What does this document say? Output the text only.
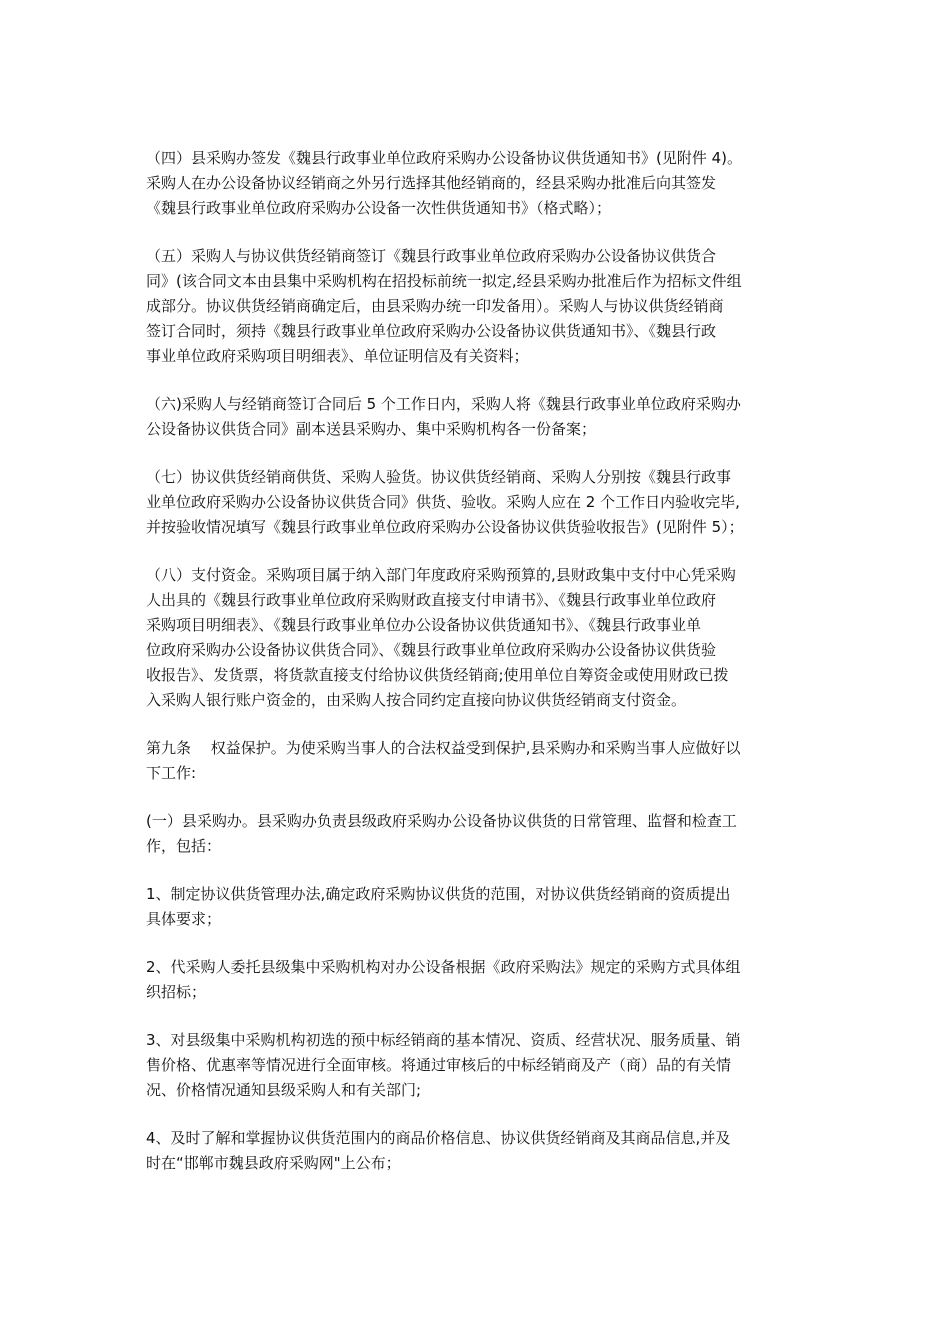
（四）县采购办签发《魏县行政事业单位政府采购办公设备协议供货通知书》(见附件 4)。
采购人在办公设备协议经销商之外另行选择其他经销商的，经县采购办批准后向其签发
《魏县行政事业单位政府采购办公设备一次性供货通知书》（格式略）；

（五）采购人与协议供货经销商签订《魏县行政事业单位政府采购办公设备协议供货合
同》(该合同文本由县集中采购机构在招投标前统一拟定,经县采购办批准后作为招标文件组
成部分。协议供货经销商确定后，由县采购办统一印发备用）。采购人与协议供货经销商
签订合同时，须持《魏县行政事业单位政府采购办公设备协议供货通知书》、《魏县行政
事业单位政府采购项目明细表》、单位证明信及有关资料；

（六)采购人与经销商签订合同后 5 个工作日内，采购人将《魏县行政事业单位政府采购办
公设备协议供货合同》副本送县采购办、集中采购机构各一份备案；

（七）协议供货经销商供货、采购人验货。协议供货经销商、采购人分别按《魏县行政事
业单位政府采购办公设备协议供货合同》供货、验收。采购人应在 2 个工作日内验收完毕,
并按验收情况填写《魏县行政事业单位政府采购办公设备协议供货验收报告》(见附件 5）；

（八）支付资金。采购项目属于纳入部门年度政府采购预算的,县财政集中支付中心凭采购
人出具的《魏县行政事业单位政府采购财政直接支付申请书》、《魏县行政事业单位政府
采购项目明细表》、《魏县行政事业单位办公设备协议供货通知书》、《魏县行政事业单
位政府采购办公设备协议供货合同》、《魏县行政事业单位政府采购办公设备协议供货验
收报告》、发货票，将货款直接支付给协议供货经销商;使用单位自筹资金或使用财政已拨
入采购人银行账户资金的，由采购人按合同约定直接向协议供货经销商支付资金。

第九条　 权益保护。为使采购当事人的合法权益受到保护,县采购办和采购当事人应做好以
下工作:

(一）县采购办。县采购办负责县级政府采购办公设备协议供货的日常管理、监督和检查工
作，包括：

1、制定协议供货管理办法,确定政府采购协议供货的范围，对协议供货经销商的资质提出
具体要求；

2、代采购人委托县级集中采购机构对办公设备根据《政府采购法》规定的采购方式具体组
织招标；

3、对县级集中采购机构初选的预中标经销商的基本情况、资质、经营状况、服务质量、销
售价格、优惠率等情况进行全面审核。将通过审核后的中标经销商及产（商）品的有关情
况、价格情况通知县级采购人和有关部门;

4、及时了解和掌握协议供货范围内的商品价格信息、协议供货经销商及其商品信息,并及
时在“邯郸市魏县政府采购网"上公布；
